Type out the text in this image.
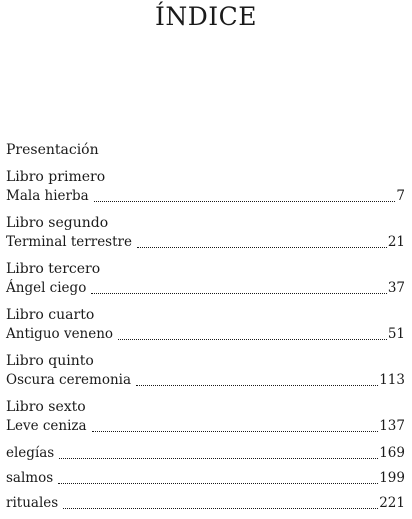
ÍNDICE
Presentación
Libro primero
Mala hierba	7
Libro segundo
Terminal terrestre	21
Libro tercero
Ángel ciego	37
Libro cuarto
Antiguo veneno	51
Libro quinto
Oscura ceremonia	113
Libro sexto
Leve ceniza	137
elegías	169
salmos	199
rituales	221
